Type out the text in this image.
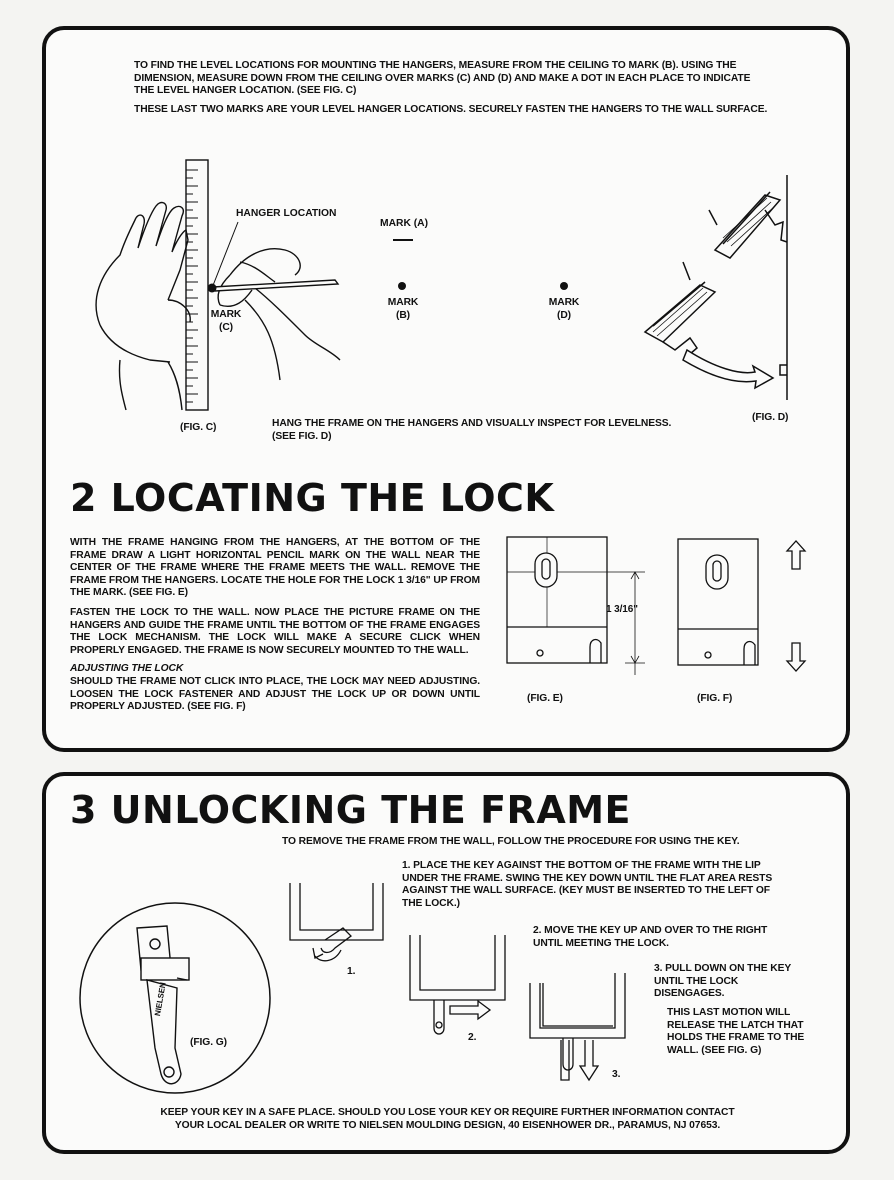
TO FIND THE LEVEL LOCATIONS FOR MOUNTING THE HANGERS, MEASURE FROM THE CEILING TO MARK (B). USING THE DIMENSION, MEASURE DOWN FROM THE CEILING OVER MARKS (C) AND (D) AND MAKE A DOT IN EACH PLACE TO INDICATE THE LEVEL HANGER LOCATION. (SEE FIG. C)
THESE LAST TWO MARKS ARE YOUR LEVEL HANGER LOCATIONS. SECURELY FASTEN THE HANGERS TO THE WALL SURFACE.
HANGER LOCATION
MARK
(C)
MARK (A)
MARK
(B)
MARK
(D)
(FIG. C)	HANG THE FRAME ON THE HANGERS AND VISUALLY INSPECT FOR LEVELNESS.
(SEE FIG. D)
(FIG. D)
2 LOCATING THE LOCK
WITH THE FRAME HANGING FROM THE HANGERS, AT THE BOTTOM OF THE FRAME DRAW A LIGHT HORIZONTAL PENCIL MARK ON THE WALL NEAR THE CENTER OF THE FRAME WHERE THE FRAME MEETS THE WALL. REMOVE THE FRAME FROM THE HANGERS. LOCATE THE HOLE FOR THE LOCK 1 3/16" UP FROM THE MARK. (SEE FIG. E)
FASTEN THE LOCK TO THE WALL. NOW PLACE THE PICTURE FRAME ON THE HANGERS AND GUIDE THE FRAME UNTIL THE BOTTOM OF THE FRAME ENGAGES THE LOCK MECHANISM. THE LOCK WILL MAKE A SECURE CLICK WHEN PROPERLY ENGAGED. THE FRAME IS NOW SECURELY MOUNTED TO THE WALL.
ADJUSTING THE LOCK
SHOULD THE FRAME NOT CLICK INTO PLACE, THE LOCK MAY NEED ADJUSTING. LOOSEN THE LOCK FASTENER AND ADJUST THE LOCK UP OR DOWN UNTIL PROPERLY ADJUSTED. (SEE FIG. F)
1 3/16"
(FIG. E)	(FIG. F)
3 UNLOCKING THE FRAME
TO REMOVE THE FRAME FROM THE WALL, FOLLOW THE PROCEDURE FOR USING THE KEY.
1. PLACE THE KEY AGAINST THE BOTTOM OF THE FRAME WITH THE LIP UNDER THE FRAME. SWING THE KEY DOWN UNTIL THE FLAT AREA RESTS AGAINST THE WALL SURFACE. (KEY MUST BE INSERTED TO THE LEFT OF THE LOCK.)
2. MOVE THE KEY UP AND OVER TO THE RIGHT UNTIL MEETING THE LOCK.
3. PULL DOWN ON THE KEY UNTIL THE LOCK DISENGAGES.
THIS LAST MOTION WILL RELEASE THE LATCH THAT HOLDS THE FRAME TO THE WALL. (SEE FIG. G)
NIELSEN
(FIG. G)
1.
2.
3.
KEEP YOUR KEY IN A SAFE PLACE. SHOULD YOU LOSE YOUR KEY OR REQUIRE FURTHER INFORMATION CONTACT
YOUR LOCAL DEALER OR WRITE TO NIELSEN MOULDING DESIGN, 40 EISENHOWER DR., PARAMUS, NJ 07653.
